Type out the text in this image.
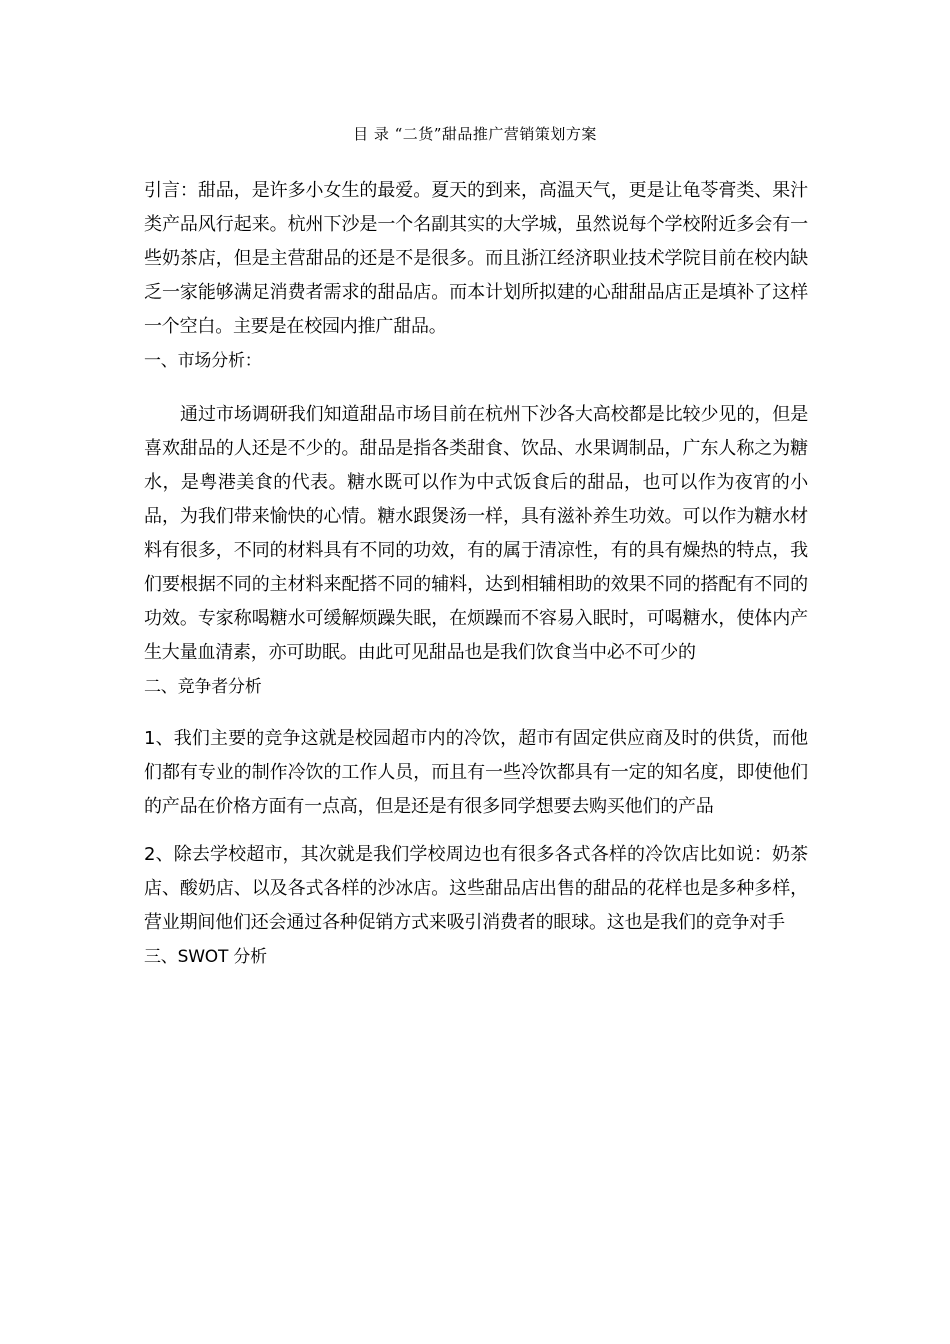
目 录 “二货”甜品推广营销策划方案

引言：甜品，是许多小女生的最爱。夏天的到来，高温天气，更是让龟苓膏类、果汁类产品风行起来。杭州下沙是一个名副其实的大学城，虽然说每个学校附近多会有一些奶茶店，但是主营甜品的还是不是很多。而且浙江经济职业技术学院目前在校内缺乏一家能够满足消费者需求的甜品店。而本计划所拟建的心甜甜品店正是填补了这样一个空白。主要是在校园内推广甜品。

一、市场分析：

通过市场调研我们知道甜品市场目前在杭州下沙各大高校都是比较少见的，但是喜欢甜品的人还是不少的。甜品是指各类甜食、饮品、水果调制品，广东人称之为糖水，是粤港美食的代表。糖水既可以作为中式饭食后的甜品，也可以作为夜宵的小品，为我们带来愉快的心情。糖水跟煲汤一样，具有滋补养生功效。可以作为糖水材料有很多，不同的材料具有不同的功效，有的属于清凉性，有的具有燥热的特点，我们要根据不同的主材料来配搭不同的辅料，达到相辅相助的效果不同的搭配有不同的功效。专家称喝糖水可缓解烦躁失眠，在烦躁而不容易入眠时，可喝糖水，使体内产生大量血清素，亦可助眠。由此可见甜品也是我们饮食当中必不可少的

二、竞争者分析

1、我们主要的竞争这就是校园超市内的冷饮，超市有固定供应商及时的供货，而他们都有专业的制作冷饮的工作人员，而且有一些冷饮都具有一定的知名度，即使他们的产品在价格方面有一点高，但是还是有很多同学想要去购买他们的产品

2、除去学校超市，其次就是我们学校周边也有很多各式各样的冷饮店比如说：奶茶店、酸奶店、以及各式各样的沙冰店。这些甜品店出售的甜品的花样也是多种多样，营业期间他们还会通过各种促销方式来吸引消费者的眼球。这也是我们的竞争对手

三、SWOT 分析
